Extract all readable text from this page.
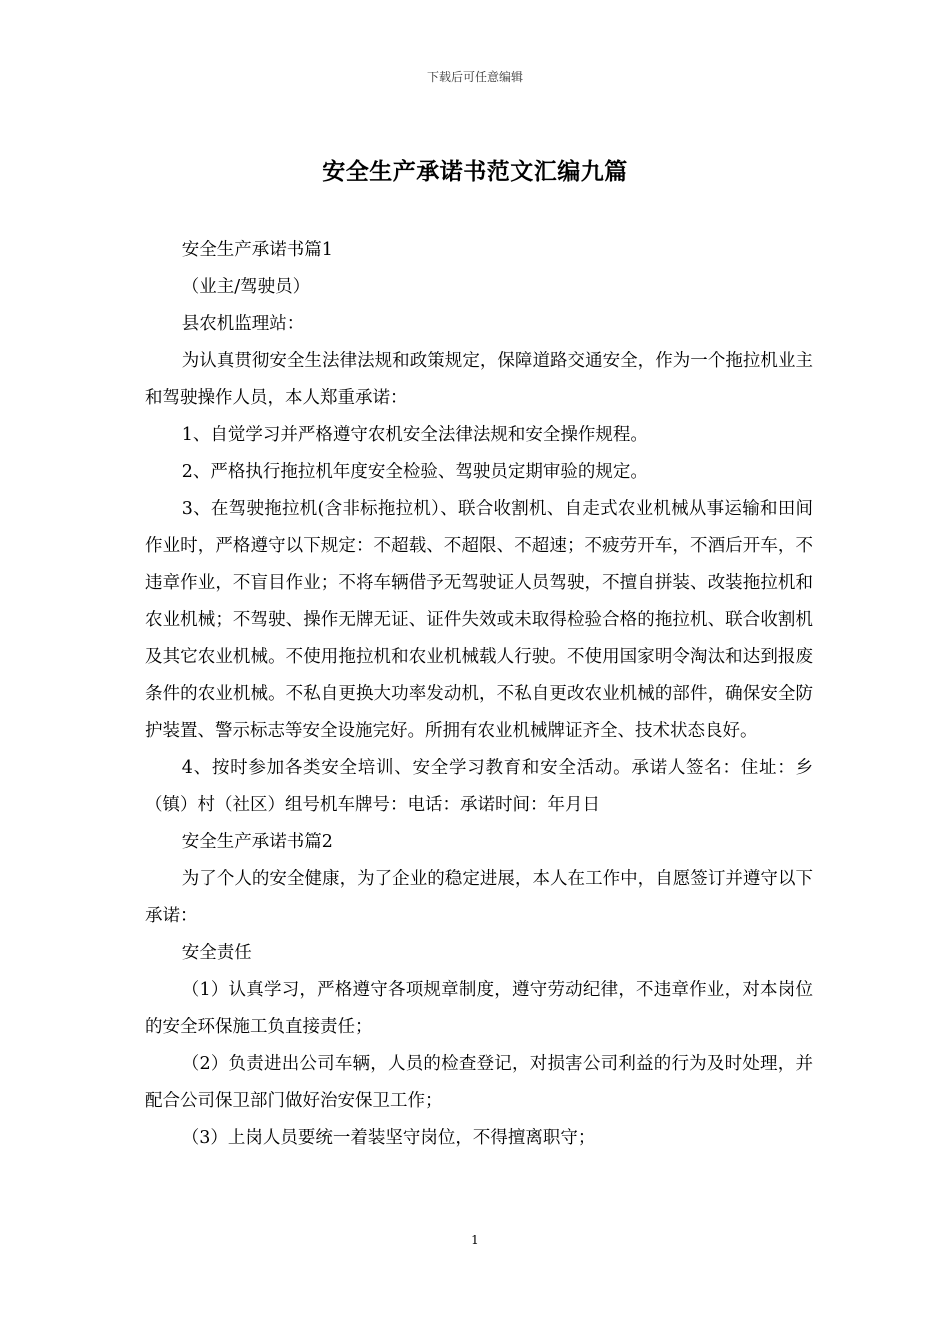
下载后可任意编辑
安全生产承诺书范文汇编九篇

安全生产承诺书篇1

（业主/驾驶员）

县农机监理站：

为认真贯彻安全生法律法规和政策规定，保障道路交通安全，作为一个拖拉机业主和驾驶操作人员，本人郑重承诺：

1、自觉学习并严格遵守农机安全法律法规和安全操作规程。

2、严格执行拖拉机年度安全检验、驾驶员定期审验的规定。

3、在驾驶拖拉机(含非标拖拉机）、联合收割机、自走式农业机械从事运输和田间作业时，严格遵守以下规定：不超载、不超限、不超速；不疲劳开车，不酒后开车，不违章作业，不盲目作业；不将车辆借予无驾驶证人员驾驶，不擅自拼装、改装拖拉机和农业机械；不驾驶、操作无牌无证、证件失效或未取得检验合格的拖拉机、联合收割机及其它农业机械。不使用拖拉机和农业机械载人行驶。不使用国家明令淘汰和达到报废条件的农业机械。不私自更换大功率发动机，不私自更改农业机械的部件，确保安全防护装置、警示标志等安全设施完好。所拥有农业机械牌证齐全、技术状态良好。

4、按时参加各类安全培训、安全学习教育和安全活动。承诺人签名：住址：乡（镇）村（社区）组号机车牌号：电话：承诺时间：年月日

安全生产承诺书篇2

为了个人的安全健康，为了企业的稳定进展，本人在工作中，自愿签订并遵守以下承诺：

安全责任

（1）认真学习，严格遵守各项规章制度，遵守劳动纪律，不违章作业，对本岗位的安全环保施工负直接责任；

（2）负责进出公司车辆，人员的检查登记，对损害公司利益的行为及时处理，并配合公司保卫部门做好治安保卫工作；

（3）上岗人员要统一着装坚守岗位，不得擅离职守；

1
